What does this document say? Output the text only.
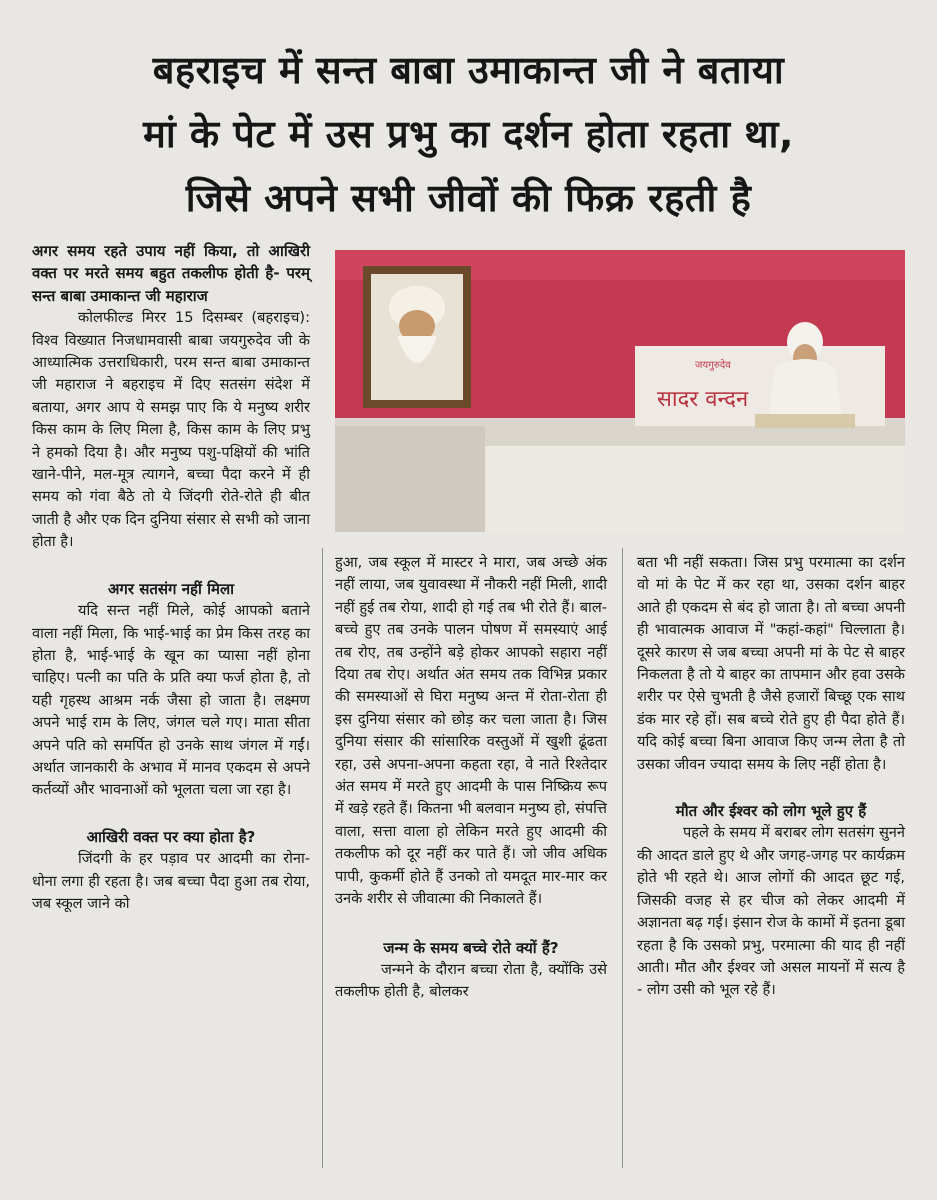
बहराइच में सन्त बाबा उमाकान्त जी ने बताया
मां के पेट में उस प्रभु का दर्शन होता रहता था,
जिसे अपने सभी जीवों की फिक्र रहती है
जयगुरुदेव
सादर वन्दन

अगर समय रहते उपाय नहीं किया, तो आखिरी वक्त पर मरते समय बहुत तकलीफ होती है- परम् सन्त बाबा उमाकान्त जी महाराज

कोलफील्ड मिरर 15 दिसम्बर (बहराइच): विश्व विख्यात निजधामवासी बाबा जयगुरुदेव जी के आध्यात्मिक उत्तराधिकारी, परम सन्त बाबा उमाकान्त जी महाराज ने बहराइच में दिए सतसंग संदेश में बताया, अगर आप ये समझ पाए कि ये मनुष्य शरीर किस काम के लिए मिला है, किस काम के लिए प्रभु ने हमको दिया है। और मनुष्य पशु-पक्षियों की भांति खाने-पीने, मल-मूत्र त्यागने, बच्चा पैदा करने में ही समय को गंवा बैठे तो ये जिंदगी रोते-रोते ही बीत जाती है और एक दिन दुनिया संसार से सभी को जाना होता है।

अगर सतसंग नहीं मिला

यदि सन्त नहीं मिले, कोई आपको बताने वाला नहीं मिला, कि भाई-भाई का प्रेम किस तरह का होता है, भाई-भाई के खून का प्यासा नहीं होना चाहिए। पत्नी का पति के प्रति क्या फर्ज होता है, तो यही गृहस्थ आश्रम नर्क जैसा हो जाता है। लक्ष्मण अपने भाई राम के लिए, जंगल चले गए। माता सीता अपने पति को समर्पित हो उनके साथ जंगल में गईं। अर्थात जानकारी के अभाव में मानव एकदम से अपने कर्तव्यों और भावनाओं को भूलता चला जा रहा है।

आखिरी वक्त पर क्या होता है?

जिंदगी के हर पड़ाव पर आदमी का रोना-धोना लगा ही रहता है। जब बच्चा पैदा हुआ तब रोया, जब स्कूल जाने को

हुआ, जब स्कूल में मास्टर ने मारा, जब अच्छे अंक नहीं लाया, जब युवावस्था में नौकरी नहीं मिली, शादी नहीं हुई तब रोया, शादी हो गई तब भी रोते हैं। बाल-बच्चे हुए तब उनके पालन पोषण में समस्याएं आई तब रोए, तब उन्होंने बड़े होकर आपको सहारा नहीं दिया तब रोए। अर्थात अंत समय तक विभिन्न प्रकार की समस्याओं से घिरा मनुष्य अन्त में रोता-रोता ही इस दुनिया संसार को छोड़ कर चला जाता है। जिस दुनिया संसार की सांसारिक वस्तुओं में खुशी ढूंढता रहा, उसे अपना-अपना कहता रहा, वे नाते रिश्तेदार अंत समय में मरते हुए आदमी के पास निष्क्रिय रूप में खड़े रहते हैं। कितना भी बलवान मनुष्य हो, संपत्ति वाला, सत्ता वाला हो लेकिन मरते हुए आदमी की तकलीफ को दूर नहीं कर पाते हैं। जो जीव अधिक पापी, कुकर्मी होते हैं उनको तो यमदूत मार-मार कर उनके शरीर से जीवात्मा की निकालते हैं।

जन्म के समय बच्चे रोते क्यों हैं?

जन्मने के दौरान बच्चा रोता है, क्योंकि उसे तकलीफ होती है, बोलकर

बता भी नहीं सकता। जिस प्रभु परमात्मा का दर्शन वो मां के पेट में कर रहा था, उसका दर्शन बाहर आते ही एकदम से बंद हो जाता है। तो बच्चा अपनी ही भावात्मक आवाज में "कहां-कहां" चिल्लाता है। दूसरे कारण से जब बच्चा अपनी मां के पेट से बाहर निकलता है तो ये बाहर का तापमान और हवा उसके शरीर पर ऐसे चुभती है जैसे हजारों बिच्छू एक साथ डंक मार रहे हों। सब बच्चे रोते हुए ही पैदा होते हैं। यदि कोई बच्चा बिना आवाज किए जन्म लेता है तो उसका जीवन ज्यादा समय के लिए नहीं होता है।

मौत और ईश्वर को लोग भूले हुए हैं

पहले के समय में बराबर लोग सतसंग सुनने की आदत डाले हुए थे और जगह-जगह पर कार्यक्रम होते भी रहते थे। आज लोगों की आदत छूट गई, जिसकी वजह से हर चीज को लेकर आदमी में अज्ञानता बढ़ गई। इंसान रोज के कामों में इतना डूबा रहता है कि उसको प्रभु, परमात्मा की याद ही नहीं आती। मौत और ईश्वर जो असल मायनों में सत्य है - लोग उसी को भूल रहे हैं।
